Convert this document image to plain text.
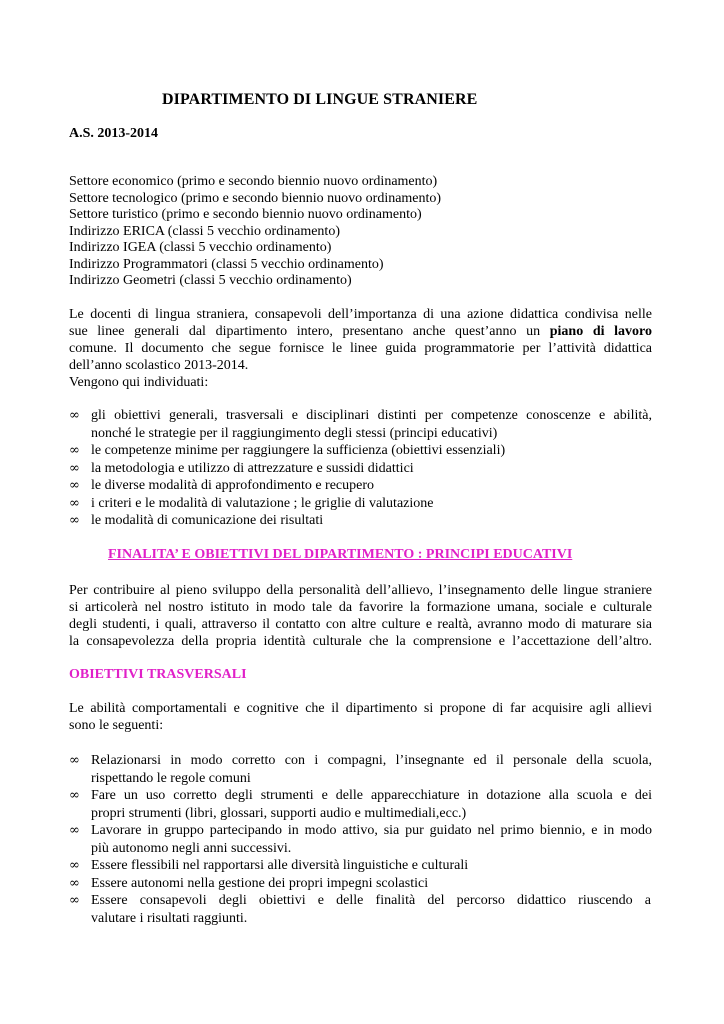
DIPARTIMENTO DI LINGUE STRANIERE
A.S. 2013-2014
Settore economico (primo e secondo biennio nuovo ordinamento)
Settore tecnologico (primo e secondo biennio nuovo ordinamento)
Settore turistico (primo e secondo biennio nuovo ordinamento)
Indirizzo ERICA (classi 5 vecchio ordinamento)
Indirizzo IGEA (classi 5 vecchio ordinamento)
Indirizzo Programmatori (classi 5 vecchio ordinamento)
Indirizzo Geometri (classi 5 vecchio ordinamento)
Le docenti di lingua straniera, consapevoli dell’importanza di una azione didattica condivisa nelle
sue linee generali dal dipartimento intero, presentano anche quest’anno un piano di lavoro
comune. Il documento che segue fornisce le linee guida programmatorie per l’attività didattica
dell’anno scolastico 2013-2014.
Vengono qui individuati:
∞ gli obiettivi generali, trasversali e disciplinari distinti per competenze conoscenze e abilità,
nonché le strategie per il raggiungimento degli stessi (principi educativi)
∞ le competenze minime per raggiungere la sufficienza (obiettivi essenziali)
∞ la metodologia e utilizzo di attrezzature e sussidi didattici
∞ le diverse modalità di approfondimento e recupero
∞ i criteri e le modalità di valutazione ; le griglie di valutazione
∞ le modalità di comunicazione dei risultati
FINALITA’ E OBIETTIVI DEL DIPARTIMENTO : PRINCIPI EDUCATIVI
Per contribuire al pieno sviluppo della personalità dell’allievo, l’insegnamento delle lingue straniere
si articolerà nel nostro istituto in modo tale da favorire la formazione umana, sociale e culturale
degli studenti, i quali, attraverso il contatto con altre culture e realtà, avranno modo di maturare sia
la consapevolezza della propria identità culturale che la comprensione e l’accettazione dell’altro.
OBIETTIVI TRASVERSALI
Le abilità comportamentali e cognitive che il dipartimento si propone di far acquisire agli allievi
sono le seguenti:
∞ Relazionarsi in modo corretto con i compagni, l’insegnante ed il personale della scuola,
rispettando le regole comuni
∞ Fare un uso corretto degli strumenti e delle apparecchiature in dotazione alla scuola e dei
propri strumenti (libri, glossari, supporti audio e multimediali,ecc.)
∞ Lavorare in gruppo partecipando in modo attivo, sia pur guidato nel primo biennio, e in modo
più autonomo negli anni successivi.
∞ Essere flessibili nel rapportarsi alle diversità linguistiche e culturali
∞ Essere autonomi nella gestione dei propri impegni scolastici
∞ Essere consapevoli degli obiettivi e delle finalità del percorso didattico riuscendo a
valutare i risultati raggiunti.
